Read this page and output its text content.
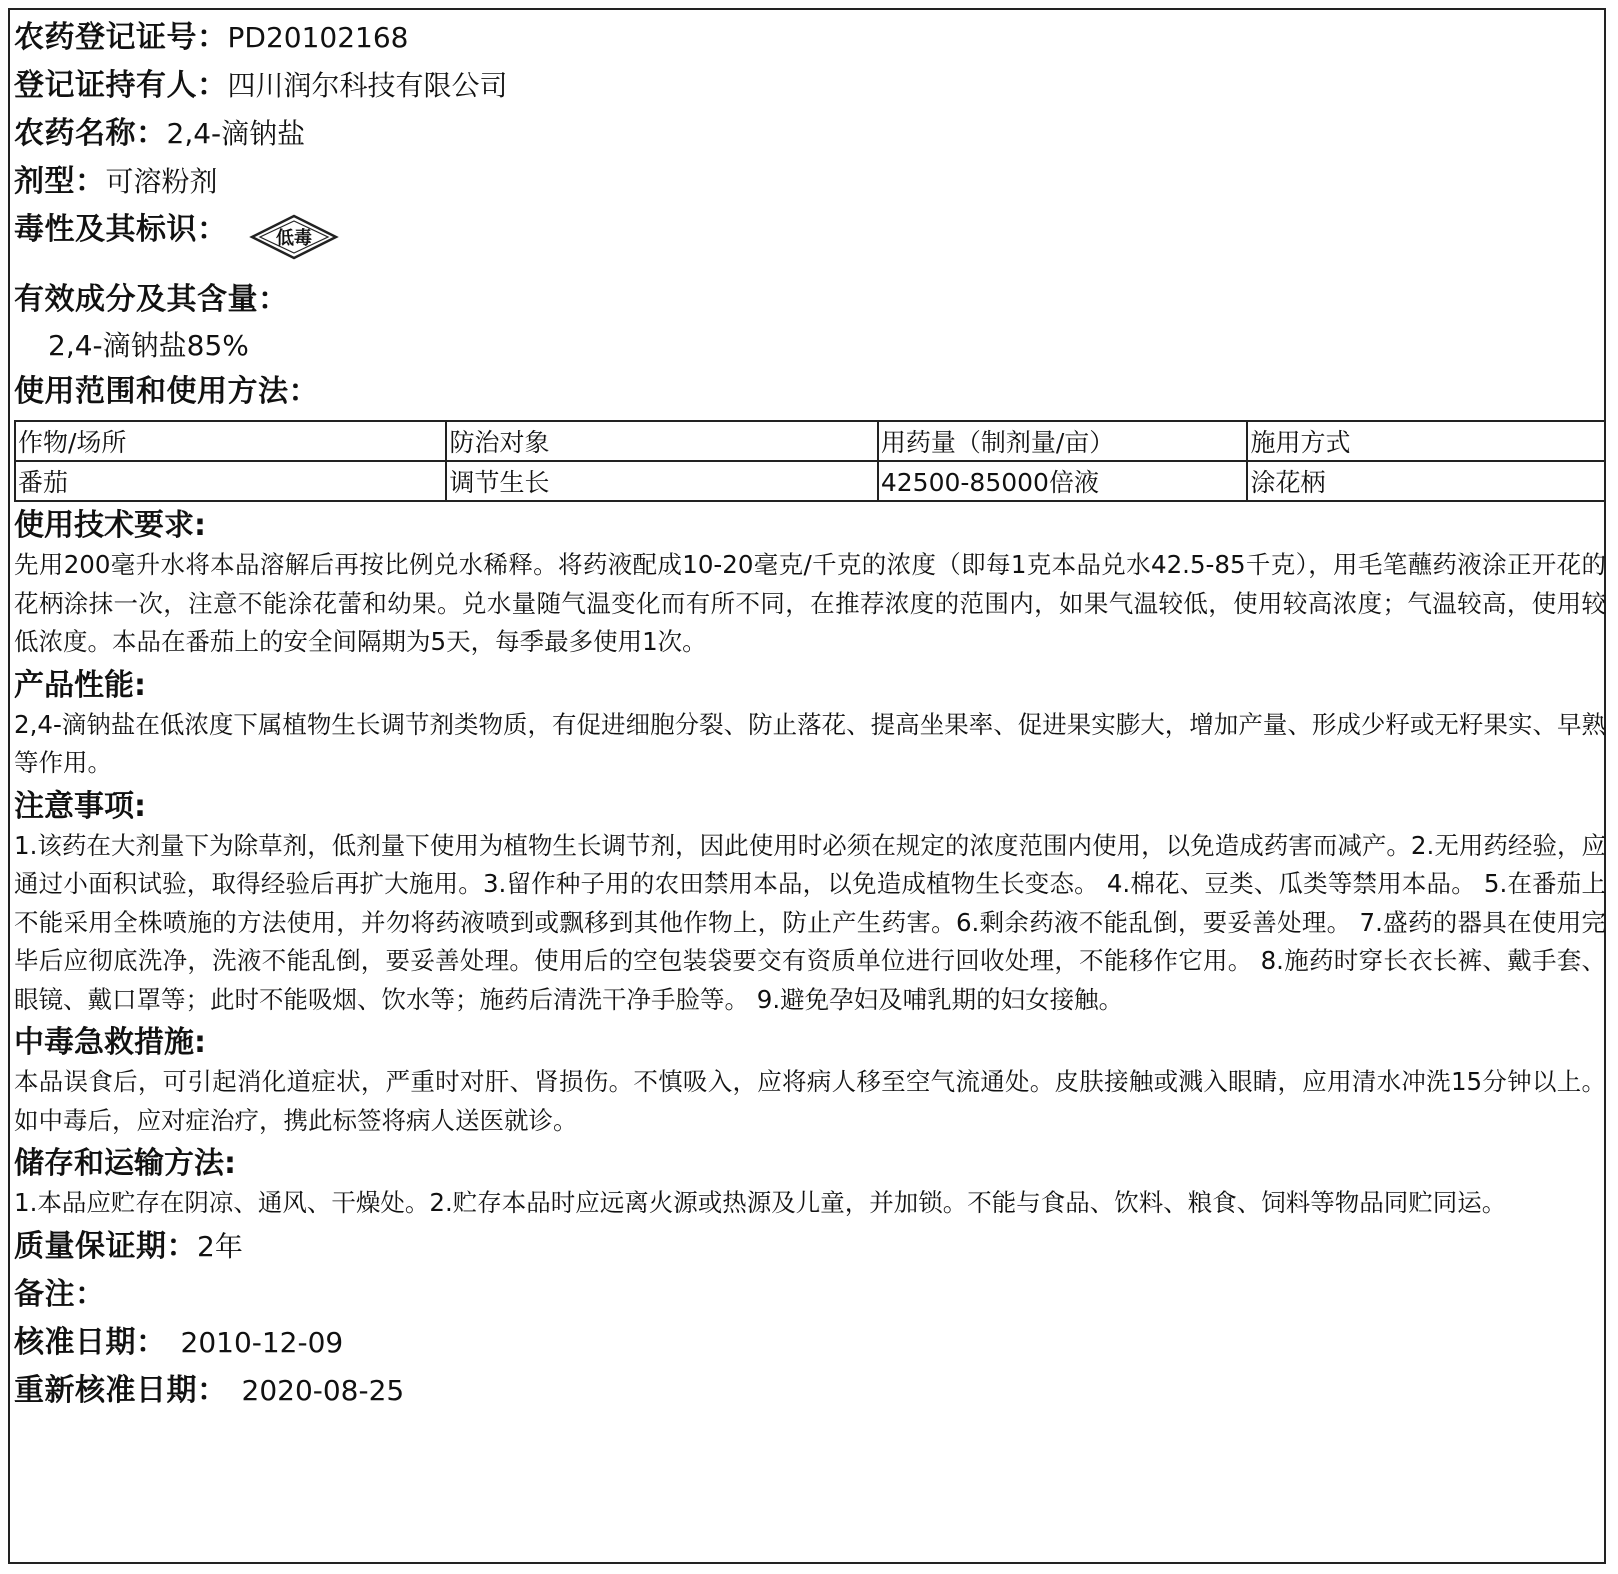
农药登记证号： PD20102168
登记证持有人： 四川润尔科技有限公司
农药名称： 2,4-滴钠盐
剂型： 可溶粉剂
毒性及其标识：	低毒
有效成分及其含量：
2,4-滴钠盐85%
使用范围和使用方法：
作物/场所	防治对象	用药量（制剂量/亩）	施用方式
番茄	调节生长	42500-85000倍液	涂花柄
使用技术要求:
先用200毫升水将本品溶解后再按比例兑水稀释。将药液配成10-20毫克/千克的浓度（即每1克本品兑水42.5-85千克），用毛笔蘸药液涂正开花的花柄涂抹一次，注意不能涂花蕾和幼果。兑水量随气温变化而有所不同，在推荐浓度的范围内，如果气温较低，使用较高浓度；气温较高，使用较低浓度。本品在番茄上的安全间隔期为5天，每季最多使用1次。
产品性能:
2,4-滴钠盐在低浓度下属植物生长调节剂类物质，有促进细胞分裂、防止落花、提高坐果率、促进果实膨大，增加产量、形成少籽或无籽果实、早熟等作用。
注意事项:
1.该药在大剂量下为除草剂，低剂量下使用为植物生长调节剂，因此使用时必须在规定的浓度范围内使用，以免造成药害而减产。2.无用药经验，应通过小面积试验，取得经验后再扩大施用。3.留作种子用的农田禁用本品，以免造成植物生长变态。 4.棉花、豆类、瓜类等禁用本品。 5.在番茄上不能采用全株喷施的方法使用，并勿将药液喷到或飘移到其他作物上，防止产生药害。6.剩余药液不能乱倒，要妥善处理。 7.盛药的器具在使用完毕后应彻底洗净，洗液不能乱倒，要妥善处理。使用后的空包装袋要交有资质单位进行回收处理，不能移作它用。 8.施药时穿长衣长裤、戴手套、眼镜、戴口罩等；此时不能吸烟、饮水等；施药后清洗干净手脸等。 9.避免孕妇及哺乳期的妇女接触。
中毒急救措施:
本品误食后，可引起消化道症状，严重时对肝、肾损伤。不慎吸入，应将病人移至空气流通处。皮肤接触或溅入眼睛，应用清水冲洗15分钟以上。如中毒后，应对症治疗，携此标签将病人送医就诊。
储存和运输方法:
1.本品应贮存在阴凉、通风、干燥处。2.贮存本品时应远离火源或热源及儿童，并加锁。不能与食品、饮料、粮食、饲料等物品同贮同运。
质量保证期： 2年
备注：
核准日期： 2010-12-09
重新核准日期： 2020-08-25
